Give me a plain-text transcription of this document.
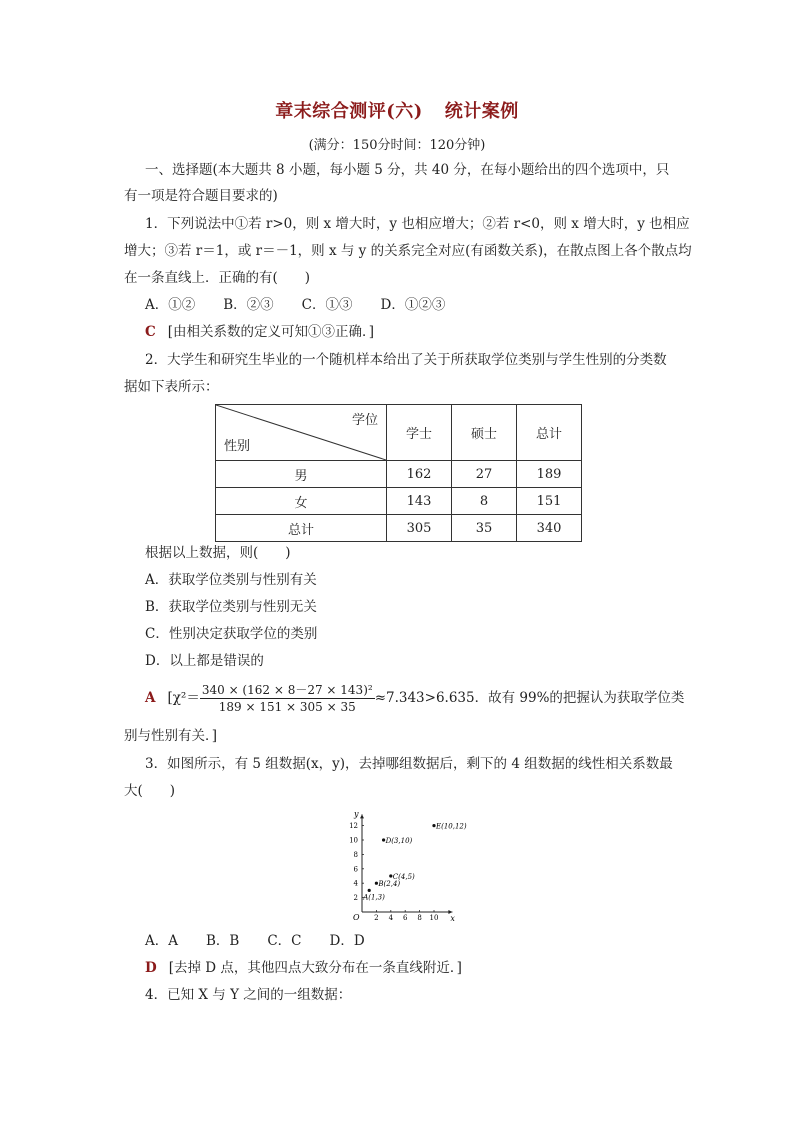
章末综合测评(六) 统计案例
(满分：150分时间：120分钟)
一、选择题(本大题共 8 小题，每小题 5 分，共 40 分，在每小题给出的四个选项中，只
有一项是符合题目要求的)
1．下列说法中①若 r>0，则 x 增大时，y 也相应增大；②若 r<0，则 x 增大时，y 也相应
增大；③若 r＝1，或 r＝－1，则 x 与 y 的关系完全对应(有函数关系)，在散点图上各个散点均
在一条直线上．正确的有(　　)
A．①② B．②③ C．①③ D．①②③
C [由相关系数的定义可知①③正确．]
2．大学生和研究生毕业的一个随机样本给出了关于所获取学位类别与学生性别的分类数
据如下表所示：
学位
性别	学士	硕士	总计
男	162	27	189
女	143	8	151
总计	305	35	340
根据以上数据，则(　　)
A．获取学位类别与性别有关
B．获取学位类别与性别无关
C．性别决定获取学位的类别
D．以上都是错误的
A [$\chi^2= \frac{\text{340 × (162 × 8－27 × 143)²}}{189 \times 151 \times 305 \times 35} \approx 7.343>6.635$．故有 99%的把握认为获取学位类
别与性别有关．]
3．如图所示，有 5 组数据(x，y)，去掉哪组数据后，剩下的 4 组数据的线性相关系数最
大(　　)
x
y
O 2 4 6 8 10
2
4
6
8
10
12
A(1,3)
B(2,4)
C(4,5)
D(3,10)
E(10,12)
A．A B．B C．C D．D
D [去掉 D 点，其他四点大致分布在一条直线附近．]
4．已知 X 与 Y 之间的一组数据：
